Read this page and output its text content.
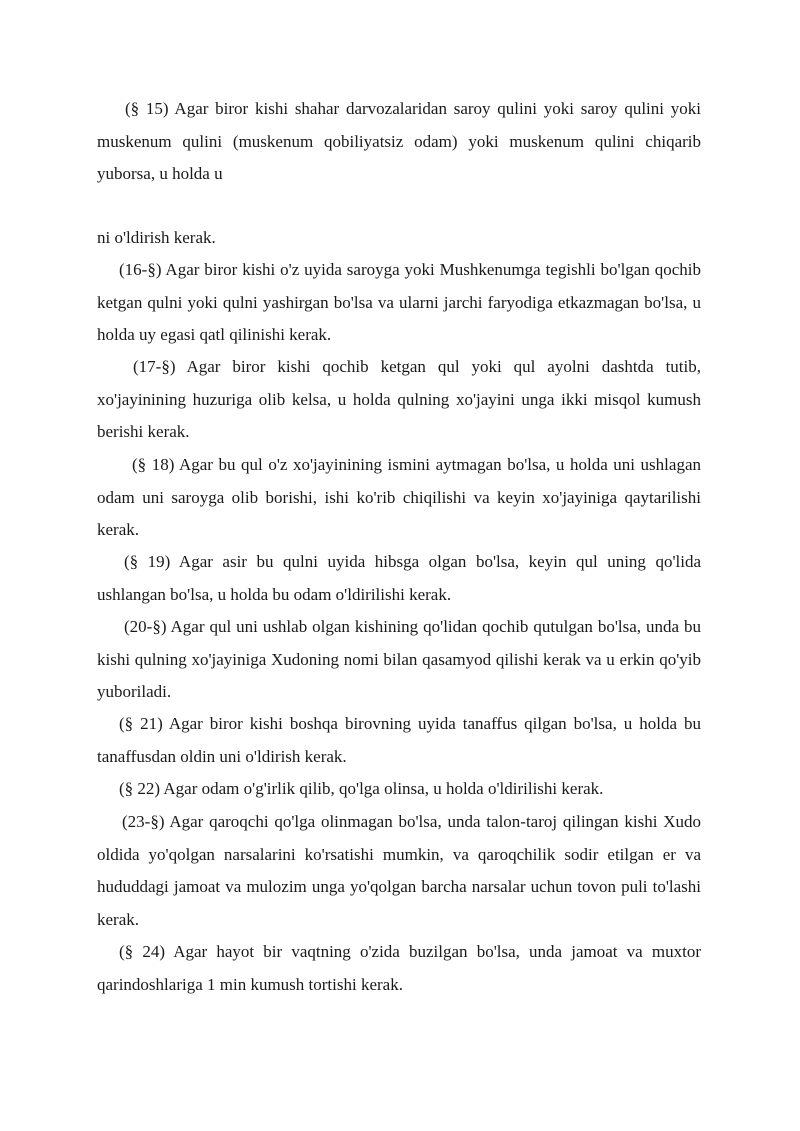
(§ 15) Agar biror kishi shahar darvozalaridan saroy qulini yoki saroy qulini yoki muskenum qulini (muskenum qobiliyatsiz odam) yoki muskenum qulini chiqarib yuborsa, u holda u

ni o'ldirish kerak.

(16-§) Agar biror kishi o'z uyida saroyga yoki Mushkenumga tegishli bo'lgan qochib ketgan qulni yoki qulni yashirgan bo'lsa va ularni jarchi faryodiga etkazmagan bo'lsa, u holda uy egasi qatl qilinishi kerak.

(17-§) Agar biror kishi qochib ketgan qul yoki qul ayolni dashtda tutib, xo'jayinining huzuriga olib kelsa, u holda qulning xo'jayini unga ikki misqol kumush berishi kerak.

(§ 18) Agar bu qul o'z xo'jayinining ismini aytmagan bo'lsa, u holda uni ushlagan odam uni saroyga olib borishi, ishi ko'rib chiqilishi va keyin xo'jayiniga qaytarilishi kerak.

(§ 19) Agar asir bu qulni uyida hibsga olgan bo'lsa, keyin qul uning qo'lida ushlangan bo'lsa, u holda bu odam o'ldirilishi kerak.

(20-§) Agar qul uni ushlab olgan kishining qo'lidan qochib qutulgan bo'lsa, unda bu kishi qulning xo'jayiniga Xudoning nomi bilan qasamyod qilishi kerak va u erkin qo'yib yuboriladi.

(§ 21) Agar biror kishi boshqa birovning uyida tanaffus qilgan bo'lsa, u holda bu tanaffusdan oldin uni o'ldirish kerak.

(§ 22) Agar odam o'g'irlik qilib, qo'lga olinsa, u holda o'ldirilishi kerak.

(23-§) Agar qaroqchi qo'lga olinmagan bo'lsa, unda talon-taroj qilingan kishi Xudo oldida yo'qolgan narsalarini ko'rsatishi mumkin, va qaroqchilik sodir etilgan er va hududdagi jamoat va mulozim unga yo'qolgan barcha narsalar uchun tovon puli to'lashi kerak.

(§ 24) Agar hayot bir vaqtning o'zida buzilgan bo'lsa, unda jamoat va muxtor qarindoshlariga 1 min kumush tortishi kerak.
